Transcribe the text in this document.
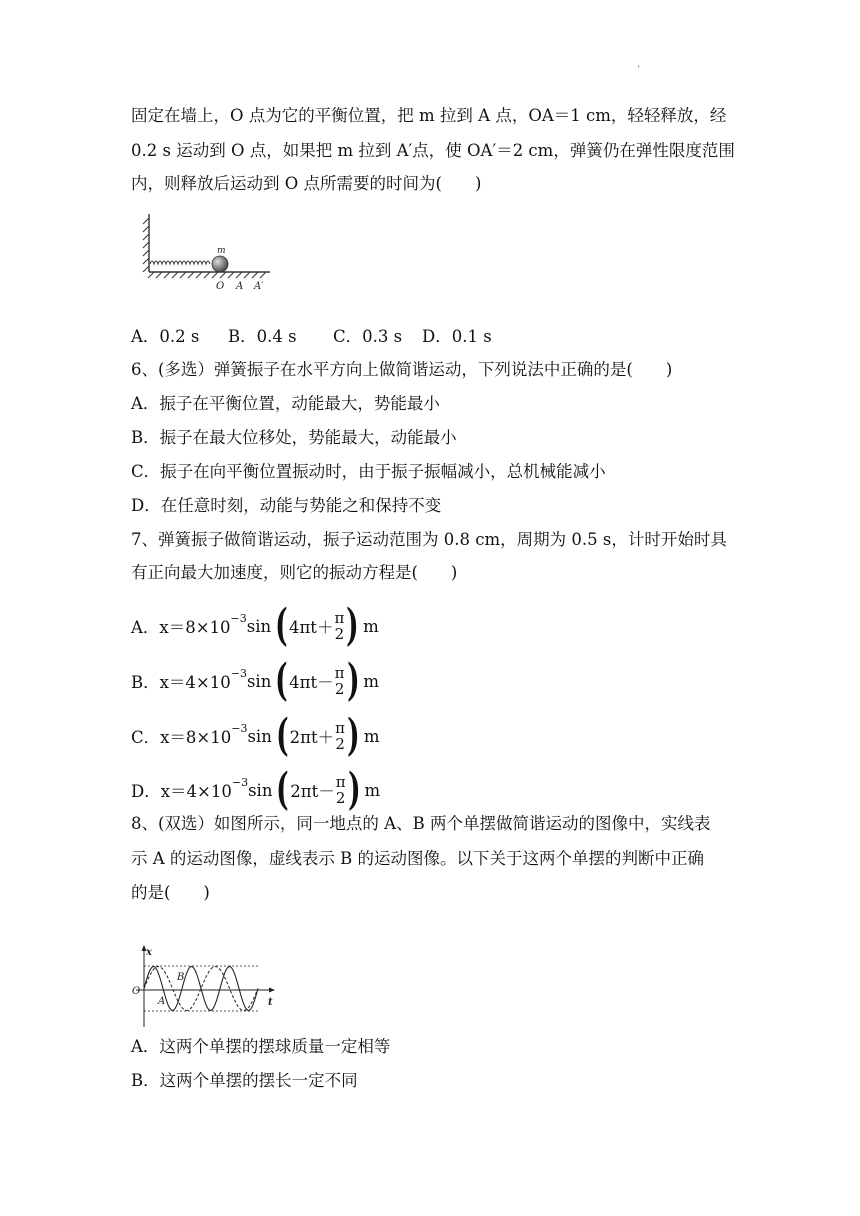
·
固定在墙上，O 点为它的平衡位置，把 m 拉到 A 点，OA＝1 cm，轻轻释放，经
0.2 s 运动到 O 点，如果把 m 拉到 A′点，使 OA′＝2 cm，弹簧仍在弹性限度范围
内，则释放后运动到 O 点所需要的时间为(　　)
m
O A A′
A．0.2 s B．0.4 s C．0.3 s D．0.1 s
6、(多选）弹簧振子在水平方向上做简谐运动，下列说法中正确的是(　　)
A．振子在平衡位置，动能最大，势能最小
B．振子在最大位移处，势能最大，动能最小
C．振子在向平衡位置振动时，由于振子振幅减小，总机械能减小
D．在任意时刻，动能与势能之和保持不变
7、弹簧振子做简谐运动，振子运动范围为 0.8 cm，周期为 0.5 s，计时开始时具
有正向最大加速度，则它的振动方程是(　　)
A．x＝8×10 −3 sin ( 4πt＋ π
2 ) m
B．x＝4×10 −3 sin ( 4πt－ π
2 ) m
C．x＝8×10 −3 sin ( 2πt＋ π
2 ) m
D．x＝4×10 −3 sin ( 2πt－ π
2 ) m
8、(双选）如图所示，同一地点的 A、B 两个单摆做简谐运动的图像中，实线表
示 A 的运动图像，虚线表示 B 的运动图像。以下关于这两个单摆的判断中正确
的是(　　)
x
t
O
A
B
A．这两个单摆的摆球质量一定相等
B．这两个单摆的摆长一定不同
